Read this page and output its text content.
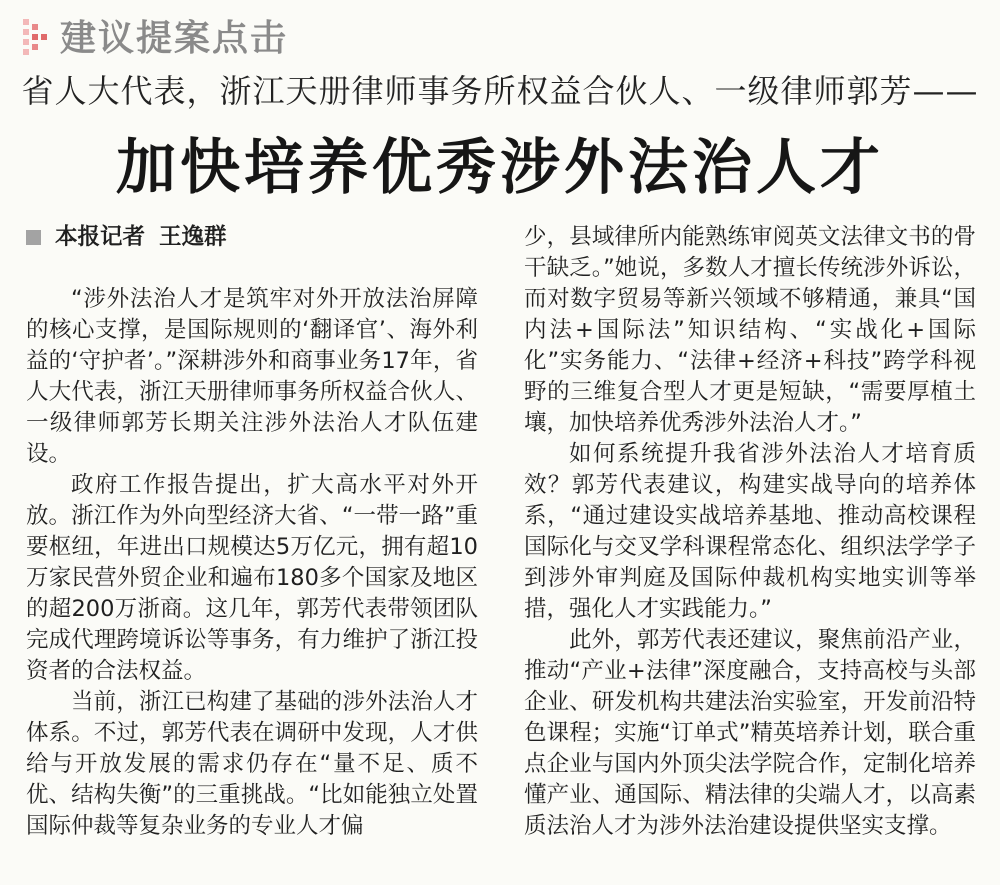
建议提案点击
省人大代表，浙江天册律师事务所权益合伙人、一级律师郭芳——
加快培养优秀涉外法治人才
本报记者 王逸群

“涉外法治人才是筑牢对外开放法治屏障的核心支撑，是国际规则的‘翻译官’、海外利益的‘守护者’。”深耕涉外和商事业务17年，省人大代表，浙江天册律师事务所权益合伙人、一级律师郭芳长期关注涉外法治人才队伍建设。

政府工作报告提出，扩大高水平对外开放。浙江作为外向型经济大省、“一带一路”重要枢纽，年进出口规模达5万亿元，拥有超10万家民营外贸企业和遍布180多个国家及地区的超200万浙商。这几年，郭芳代表带领团队完成代理跨境诉讼等事务，有力维护了浙江投资者的合法权益。

当前，浙江已构建了基础的涉外法治人才体系。不过，郭芳代表在调研中发现，人才供给与开放发展的需求仍存在“量不足、质不优、结构失衡”的三重挑战。“比如能独立处置国际仲裁等复杂业务的专业人才偏

少，县域律所内能熟练审阅英文法律文书的骨干缺乏。”她说，多数人才擅长传统涉外诉讼，而对数字贸易等新兴领域不够精通，兼具“国内法+国际法”知识结构、“实战化+国际化”实务能力、“法律+经济+科技”跨学科视野的三维复合型人才更是短缺，“需要厚植土壤，加快培养优秀涉外法治人才。”

如何系统提升我省涉外法治人才培育质效？郭芳代表建议，构建实战导向的培养体系，“通过建设实战培养基地、推动高校课程国际化与交叉学科课程常态化、组织法学学子到涉外审判庭及国际仲裁机构实地实训等举措，强化人才实践能力。”

此外，郭芳代表还建议，聚焦前沿产业，推动“产业+法律”深度融合，支持高校与头部企业、研发机构共建法治实验室，开发前沿特色课程；实施“订单式”精英培养计划，联合重点企业与国内外顶尖法学院合作，定制化培养懂产业、通国际、精法律的尖端人才，以高素质法治人才为涉外法治建设提供坚实支撑。
